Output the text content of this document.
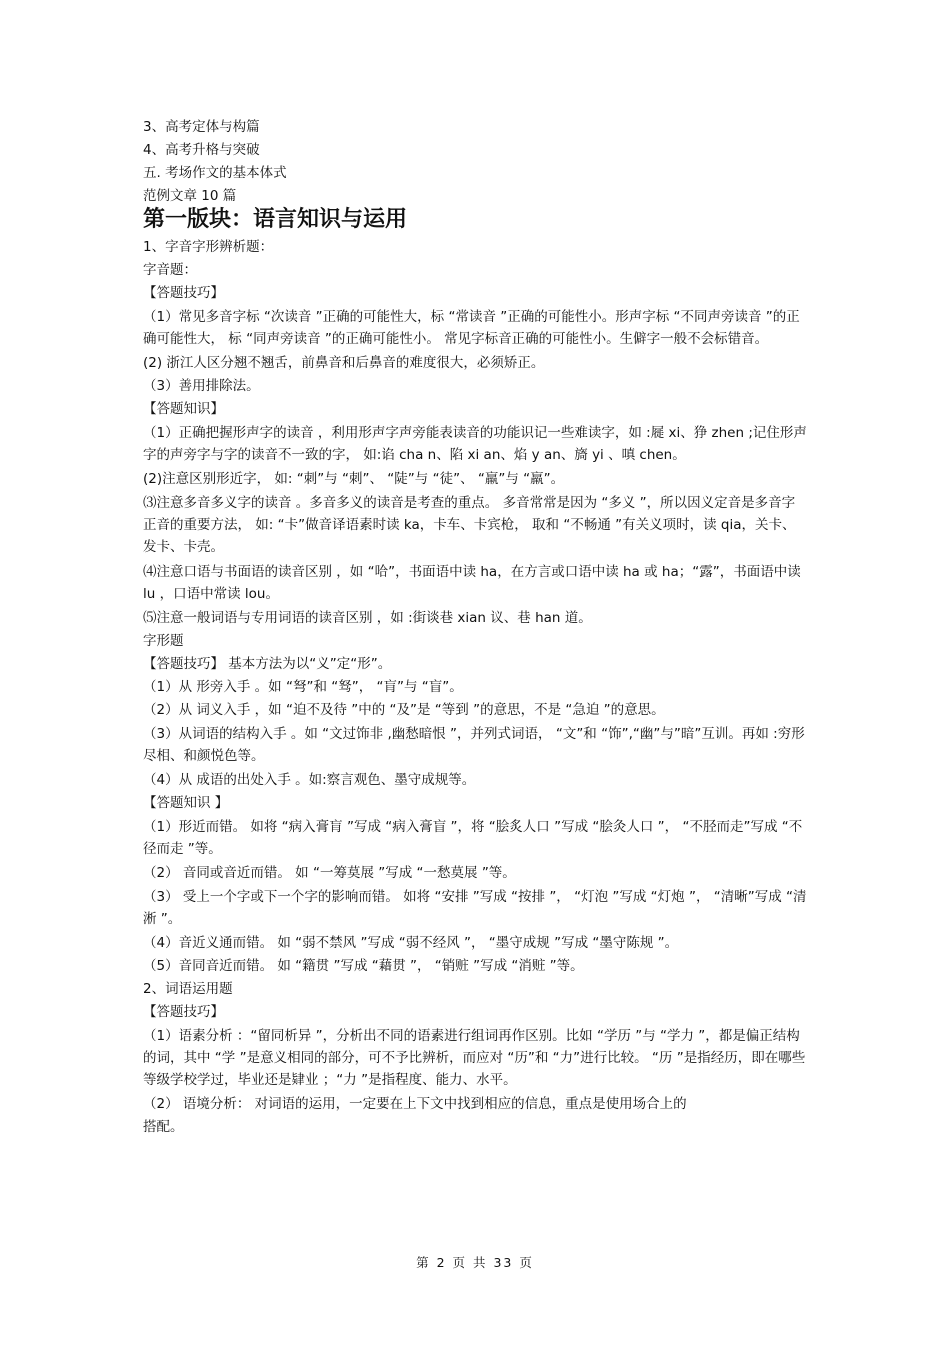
3、高考定体与构篇

4、高考升格与突破

五. 考场作文的基本体式

范例文章 10 篇

第一版块：语言知识与运用

1、字音字形辨析题：

字音题：

【答题技巧】

（1）常见多音字标 “次读音 ”正确的可能性大，标 “常读音 ”正确的可能性小。形声字标 “不同声旁读音 ”的正确可能性大， 标 “同声旁读音 ”的正确可能性小。 常见字标音正确的可能性小。生僻字一般不会标错音。

(2) 浙江人区分翘不翘舌，前鼻音和后鼻音的难度很大，必须矫正。

（3）善用排除法。

【答题知识】

（1）正确把握形声字的读音 ，利用形声字声旁能表读音的功能识记一些难读字，如 :屣 xi、狰 zhen ;记住形声字的声旁字与字的读音不一致的字， 如:谄 cha n、陷 xi an、焰 y an、旖 yi 、嗔 chen。

(2)注意区别形近字， 如: “刺”与 “刺”、 “陡”与 “徒”、 “羸”与 “羸”。

⑶注意多音多义字的读音 。多音多义的读音是考查的重点。 多音常常是因为 “多义 ”，所以因义定音是多音字正音的重要方法， 如: “卡”做音译语素时读 ka，卡车、卡宾枪， 取和 “不畅通 ”有关义项时，读 qia，关卡、发卡、卡壳。

⑷注意口语与书面语的读音区别 ，如 “哈”，书面语中读 ha，在方言或口语中读 ha 或 ha；“露”，书面语中读 lu ，口语中常读 lou。

⑸注意一般词语与专用词语的读音区别 ，如 :街谈巷 xian 议、巷 han 道。

字形题

【答题技巧】 基本方法为以“义”定“形”。

（1）从 形旁入手 。如 “弩”和 “驽”， “肓”与 “盲”。

（2）从 词义入手 ，如 “迫不及待 ”中的 “及”是 “等到 ”的意思，不是 “急迫 ”的意思。

（3）从词语的结构入手 。如 “文过饰非 ,幽愁暗恨 ”，并列式词语， “文”和 “饰”,“幽”与”暗”互训。再如 :穷形尽相、和颜悦色等。

（4）从 成语的出处入手 。如:察言观色、墨守成规等。

【答题知识 】

（1）形近而错。 如将 “病入膏肓 ”写成 “病入膏盲 ”，将 “脍炙人口 ”写成 “脍灸人口 ”， “不胫而走”写成 “不径而走 ”等。

（2） 音同或音近而错。 如 “一筹莫展 ”写成 “一愁莫展 ”等。

（3） 受上一个字或下一个字的影响而错。 如将 “安排 ”写成 “按排 ”， “灯泡 ”写成 “灯炮 ”， “清晰”写成 “清淅 ”。

（4）音近义通而错。 如 “弱不禁风 ”写成 “弱不经风 ”， “墨守成规 ”写成 “墨守陈规 ”。

（5）音同音近而错。 如 “籍贯 ”写成 “藉贯 ”， “销赃 ”写成 “消赃 ”等。

2、词语运用题

【答题技巧】

（1）语素分析 ：“留同析异 ”，分析出不同的语素进行组词再作区别。比如 “学历 ”与 “学力 ”，都是偏正结构的词，其中 “学 ”是意义相同的部分，可不予比辨析，而应对 “历”和 “力”进行比较。 “历 ”是指经历，即在哪些等级学校学过，毕业还是肄业 ；“力 ”是指程度、能力、水平。

（2） 语境分析： 对词语的运用，一定要在上下文中找到相应的信息，重点是使用场合上的

搭配。

第 2 页 共 33 页
